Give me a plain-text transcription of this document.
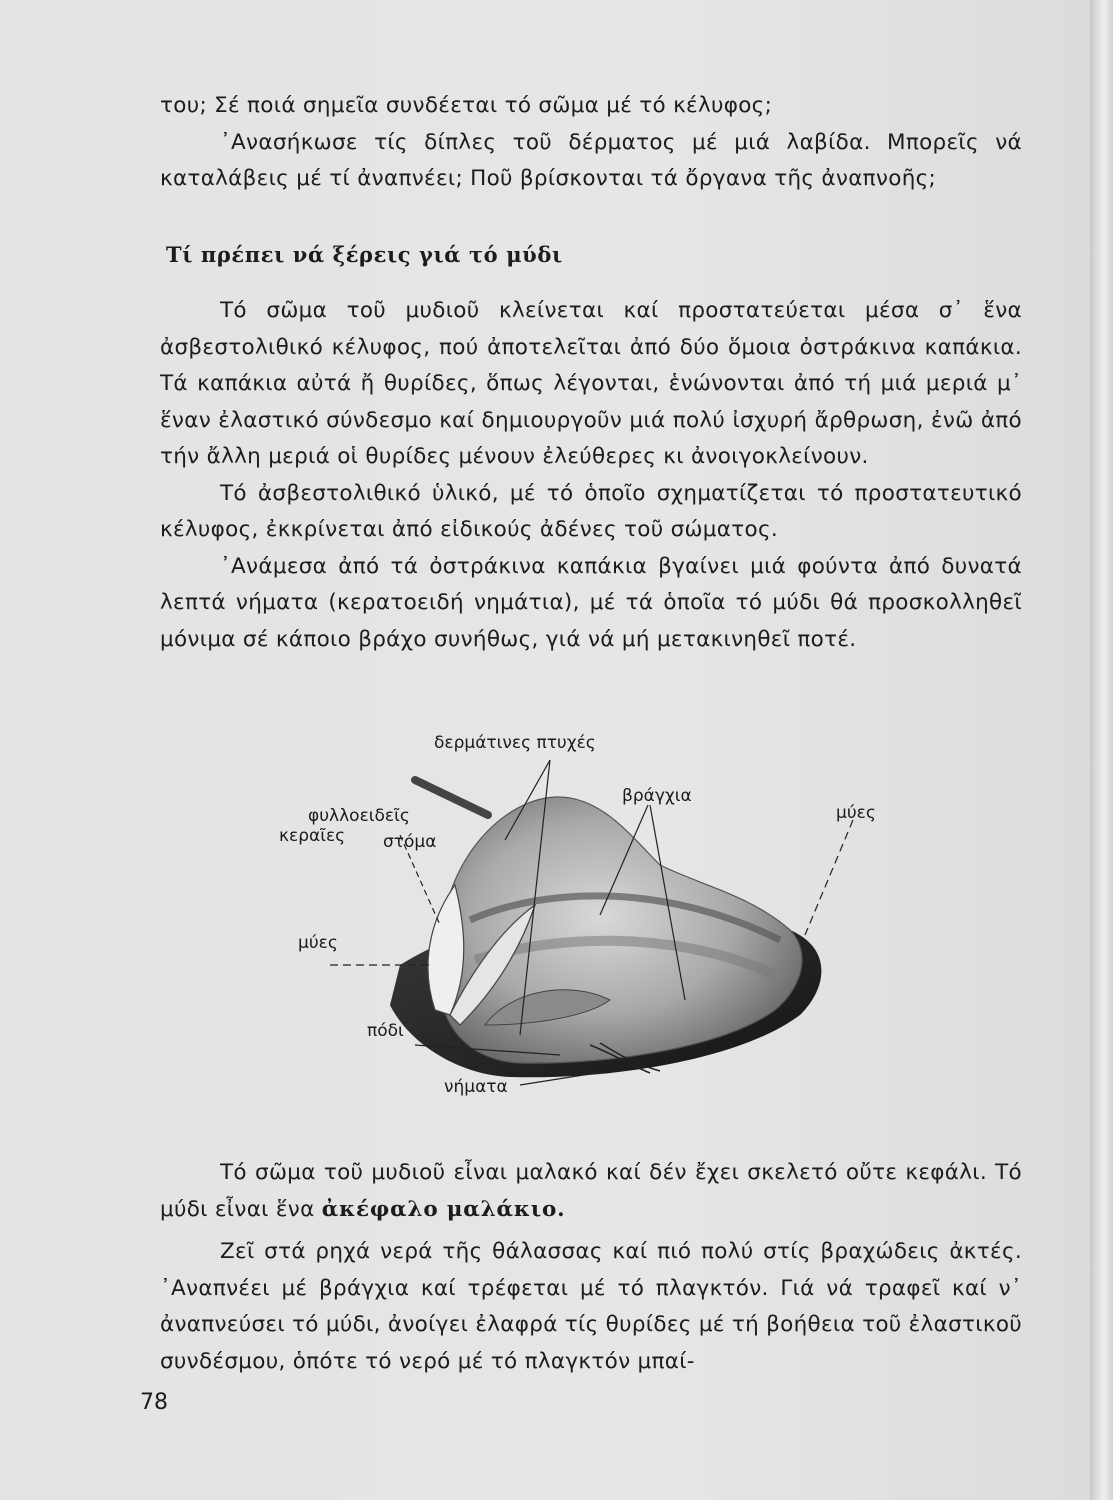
του; Σέ ποιά σημεῖα συνδέεται τό σῶμα μέ τό κέλυφος;

᾿Ανασήκωσε τίς δίπλες τοῦ δέρματος μέ μιά λαβίδα. Μπορεῖς νά καταλάβεις μέ τί ἀναπνέει; Ποῦ βρίσκονται τά ὄργανα τῆς ἀναπνοῆς;

Τί πρέπει νά ξέρεις γιά τό μύδι

Τό σῶμα τοῦ μυδιοῦ κλείνεται καί προστατεύεται μέσα σ᾿ ἕνα ἀσβεστολιθικό κέλυφος, πού ἀποτελεῖται ἀπό δύο ὅμοια ὀστράκινα καπάκια. Τά καπάκια αὐτά ἤ θυρίδες, ὅπως λέγονται, ἑνώνονται ἀπό τή μιά μεριά μ᾿ ἕναν ἐλαστικό σύνδεσμο καί δημιουργοῦν μιά πολύ ἰσχυρή ἄρθρωση, ἐνῶ ἀπό τήν ἄλλη μεριά οἱ θυρίδες μένουν ἐλεύθερες κι ἀνοιγοκλείνουν.

Τό ἀσβεστολιθικό ὑλικό, μέ τό ὁποῖο σχηματίζεται τό προστατευτικό κέλυφος, ἐκκρίνεται ἀπό εἰδικούς ἀδένες τοῦ σώματος.

᾿Ανάμεσα ἀπό τά ὀστράκινα καπάκια βγαίνει μιά φούντα ἀπό δυνατά λεπτά νήματα (κερατοειδή νημάτια), μέ τά ὁποῖα τό μύδι θά προσκολληθεῖ μόνιμα σέ κάποιο βράχο συνήθως, γιά νά μή μετακινηθεῖ ποτέ.

δερμάτινες πτυχές
βράγχια
μύες
φυλλοειδεῖς
κεραῖες στόμα
μύες
πόδι
νήματα

Τό σῶμα τοῦ μυδιοῦ εἶναι μαλακό καί δέν ἔχει σκελετό οὔτε κεφάλι. Τό μύδι εἶναι ἕνα ἀκέφαλο μαλάκιο.

Ζεῖ στά ρηχά νερά τῆς θάλασσας καί πιό πολύ στίς βραχώδεις ἀκτές. ᾿Αναπνέει μέ βράγχια καί τρέφεται μέ τό πλαγκτόν. Γιά νά τραφεῖ καί ν᾿ ἀναπνεύσει τό μύδι, ἀνοίγει ἐλαφρά τίς θυρίδες μέ τή βοήθεια τοῦ ἐλαστικοῦ συνδέσμου, ὁπότε τό νερό μέ τό πλαγκτόν μπαί-

78
